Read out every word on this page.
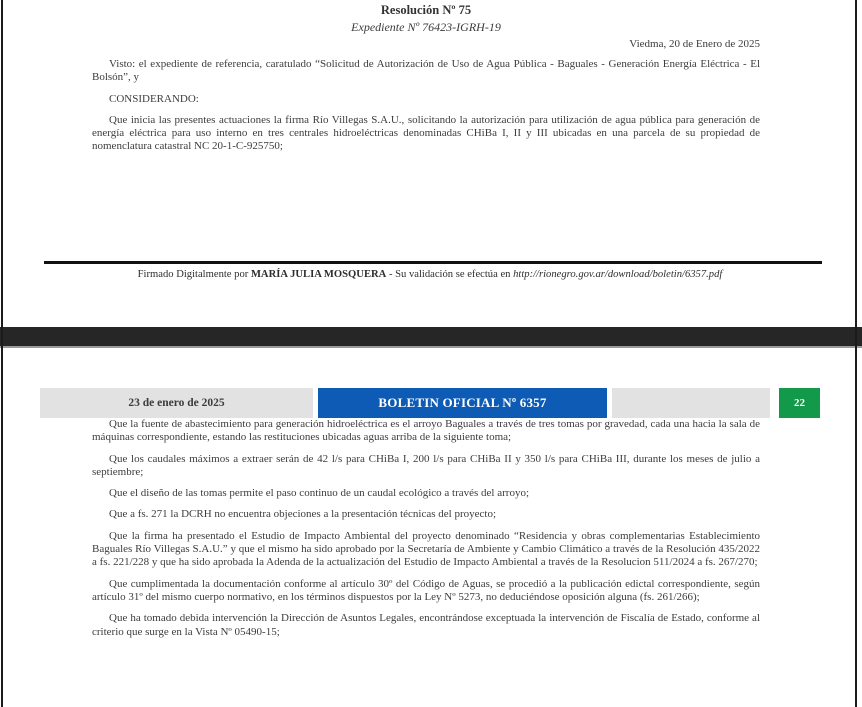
Resolución Nº 75
Expediente Nº 76423-IGRH-19
Viedma, 20 de Enero de 2025

Visto: el expediente de referencia, caratulado “Solicitud de Autorización de Uso de Agua Pública - Baguales - Generación Energía Eléctrica - El Bolsón”, y

CONSIDERANDO:

Que inicia las presentes actuaciones la firma Río Villegas S.A.U., solicitando la autorización para utilización de agua pública para generación de energía eléctrica para uso interno en tres centrales hidroeléctricas denominadas CHiBa I, II y III ubicadas en una parcela de su propiedad de nomenclatura catastral NC 20-1-C-925750;

Firmado Digitalmente por MARÍA JULIA MOSQUERA - Su validación se efectúa en http://rionegro.gov.ar/download/boletin/6357.pdf
23 de enero de 2025	BOLETIN OFICIAL Nº 6357	22

Que la fuente de abastecimiento para generación hidroeléctrica es el arroyo Baguales a través de tres tomas por gravedad, cada una hacia la sala de máquinas correspondiente, estando las restituciones ubicadas aguas arriba de la siguiente toma;

Que los caudales máximos a extraer serán de 42 l/s para CHiBa I, 200 l/s para CHiBa II y 350 l/s para CHiBa III, durante los meses de julio a septiembre;

Que el diseño de las tomas permite el paso continuo de un caudal ecológico a través del arroyo;

Que a fs. 271 la DCRH no encuentra objeciones a la presentación técnicas del proyecto;

Que la firma ha presentado el Estudio de Impacto Ambiental del proyecto denominado “Residencia y obras complementarias Establecimiento Baguales Río Villegas S.A.U.” y que el mismo ha sido aprobado por la Secretaría de Ambiente y Cambio Climático a través de la Resolución 435/2022 a fs. 221/228 y que ha sido aprobada la Adenda de la actualización del Estudio de Impacto Ambiental a través de la Resolucion 511/2024 a fs. 267/270;

Que cumplimentada la documentación conforme al artículo 30º del Código de Aguas, se procedió a la publicación edictal correspondiente, según artículo 31º del mismo cuerpo normativo, en los términos dispuestos por la Ley Nº 5273, no deduciéndose oposición alguna (fs. 261/266);

Que ha tomado debida intervención la Dirección de Asuntos Legales, encontrándose exceptuada la intervención de Fiscalía de Estado, conforme al criterio que surge en la Vista Nº 05490-15;
